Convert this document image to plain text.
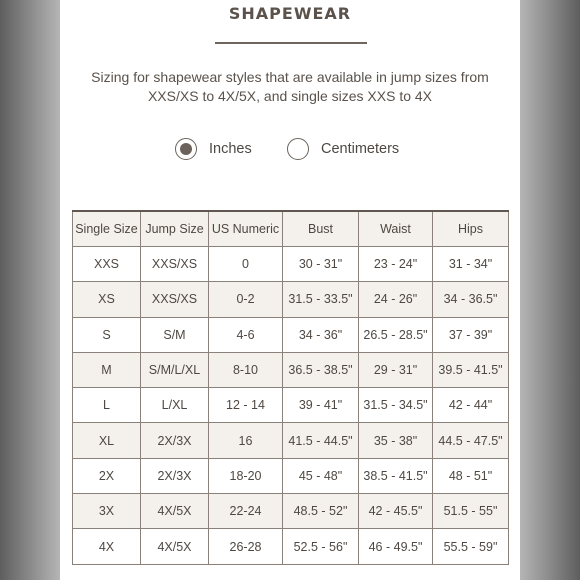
SHAPEWEAR
Sizing for shapewear styles that are available in jump sizes from
XXS/XS to 4X/5X, and single sizes XXS to 4X
Inches	Centimeters
Single Size	Jump Size	US Numeric	Bust	Waist	Hips
XXS	XXS/XS	0	30 - 31"	23 - 24"	31 - 34"
XS	XXS/XS	0-2	31.5 - 33.5"	24 - 26"	34 - 36.5"
S	S/M	4-6	34 - 36"	26.5 - 28.5"	37 - 39"
M	S/M/L/XL	8-10	36.5 - 38.5"	29 - 31"	39.5 - 41.5"
L	L/XL	12 - 14	39 - 41"	31.5 - 34.5"	42 - 44"
XL	2X/3X	16	41.5 - 44.5"	35 - 38"	44.5 - 47.5"
2X	2X/3X	18-20	45 - 48"	38.5 - 41.5"	48 - 51"
3X	4X/5X	22-24	48.5 - 52"	42 - 45.5"	51.5 - 55"
4X	4X/5X	26-28	52.5 - 56"	46 - 49.5"	55.5 - 59"
